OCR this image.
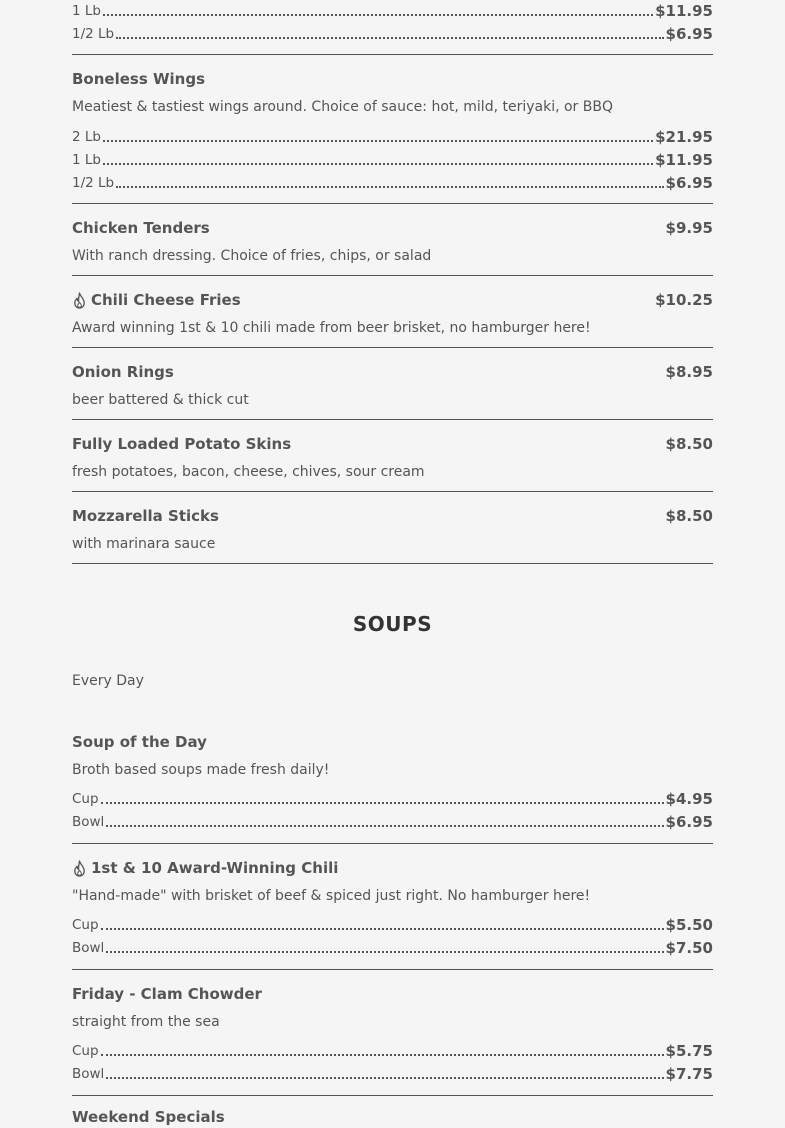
1 Lb	$11.95
1/2 Lb	$6.95
Boneless Wings
Meatiest & tastiest wings around. Choice of sauce: hot, mild, teriyaki, or BBQ
2 Lb	$21.95
1 Lb	$11.95
1/2 Lb	$6.95
Chicken Tenders	$9.95
With ranch dressing. Choice of fries, chips, or salad
Chili Cheese Fries	$10.25
Award winning 1st & 10 chili made from beer brisket, no hamburger here!
Onion Rings	$8.95
beer battered & thick cut
Fully Loaded Potato Skins	$8.50
fresh potatoes, bacon, cheese, chives, sour cream
Mozzarella Sticks	$8.50
with marinara sauce
SOUPS
Every Day
Soup of the Day
Broth based soups made fresh daily!
Cup	$4.95
Bowl	$6.95
1st & 10 Award-Winning Chili
"Hand-made" with brisket of beef & spiced just right. No hamburger here!
Cup	$5.50
Bowl	$7.50
Friday - Clam Chowder
straight from the sea
Cup	$5.75
Bowl	$7.75
Weekend Specials
